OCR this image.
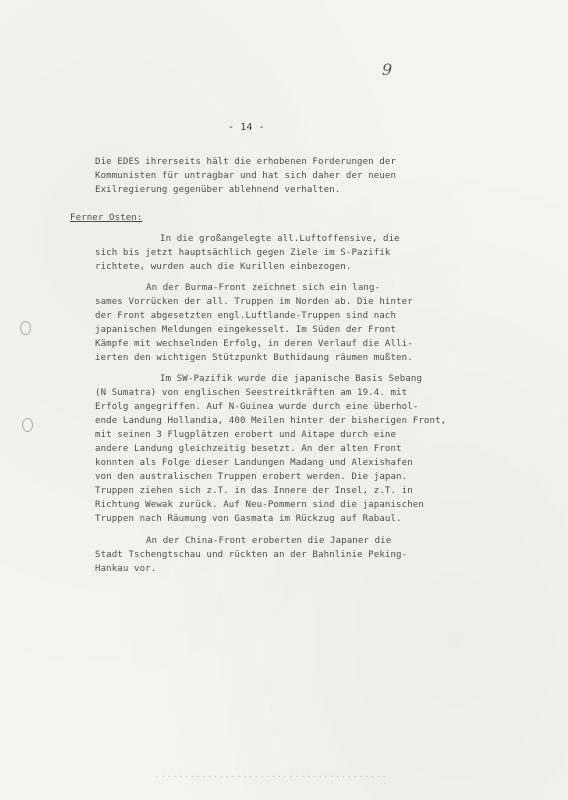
9
- 14 -
Die EDES ihrerseits hält die erhobenen Forderungen der
Kommunisten für untragbar und hat sich daher der neuen
Exilregierung gegenüber ablehnend verhalten.
Ferner Osten:
In die großangelegte all.Luftoffensive, die
sich bis jetzt hauptsächlich gegen Ziele im S-Pazifik
richtete, wurden auch die Kurillen einbezogen.
An der Burma-Front zeichnet sich ein lang-
sames Vorrücken der all. Truppen im Norden ab. Die hinter
der Front abgesetzten engl.Luftlande-Truppen sind nach
japanischen Meldungen eingekesselt. Im Süden der Front
Kämpfe mit wechselnden Erfolg, in deren Verlauf die Alli-
ierten den wichtigen Stützpunkt Buthidaung räumen mußten.
Im SW-Pazifik wurde die japanische Basis Sebang
(N Sumatra) von englischen Seestreitkräften am 19.4. mit
Erfolg angegriffen. Auf N-Guinea wurde durch eine überhol-
ende Landung Hollandia, 400 Meilen hinter der bisherigen Front,
mit seinen 3 Flugplätzen erobert und Aitape durch eine
andere Landung gleichzeitig besetzt. An der alten Front
konnten als Folge dieser Landungen Madang und Alexishafen
von den australischen Truppen erobert werden. Die japan.
Truppen ziehen sich z.T. in das Innere der Insel, z.T. in
Richtung Wewak zurück. Auf Neu-Pommern sind die japanischen
Truppen nach Räumung von Gasmata im Rückzug auf Rabaul.
An der China-Front eroberten die Japaner die
Stadt Tschengtschau und rückten an der Bahnlinie Peking-
Hankau vor.
........................................
